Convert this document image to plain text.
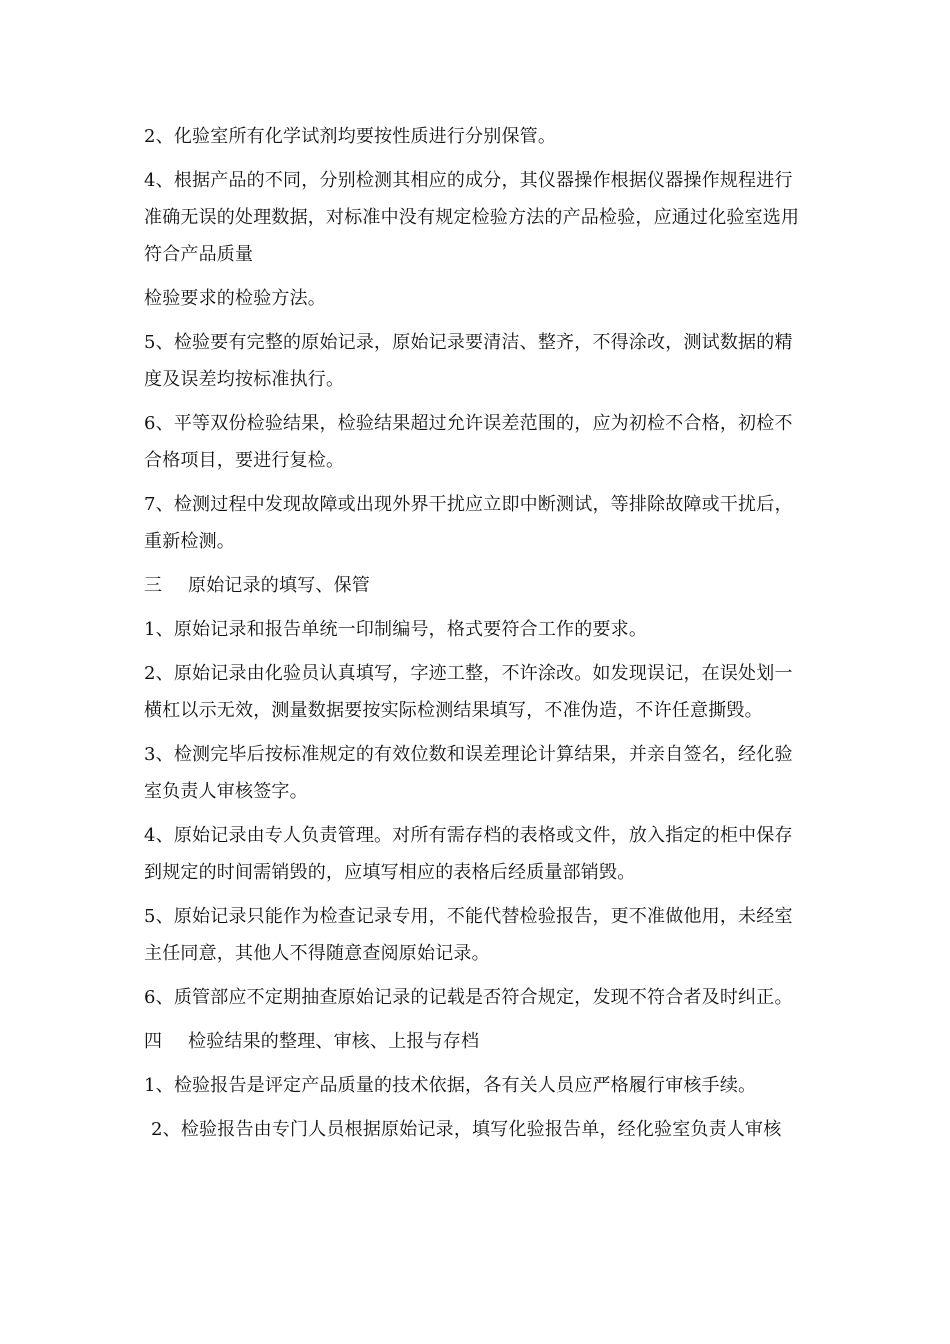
2、化验室所有化学试剂均要按性质进行分别保管。

4、根据产品的不同，分别检测其相应的成分，其仪器操作根据仪器操作规程进行准确无误的处理数据，对标准中没有规定检验方法的产品检验，应通过化验室选用符合产品质量

检验要求的检验方法。

5、检验要有完整的原始记录，原始记录要清洁、整齐，不得涂改，测试数据的精度及误差均按标准执行。

6、平等双份检验结果，检验结果超过允许误差范围的，应为初检不合格，初检不合格项目，要进行复检。

7、检测过程中发现故障或出现外界干扰应立即中断测试，等排除故障或干扰后，重新检测。

三	原始记录的填写、保管

1、原始记录和报告单统一印制编号，格式要符合工作的要求。

2、原始记录由化验员认真填写，字迹工整，不许涂改。如发现误记，在误处划一横杠以示无效，测量数据要按实际检测结果填写，不准伪造，不许任意撕毁。

3、检测完毕后按标准规定的有效位数和误差理论计算结果，并亲自签名，经化验室负责人审核签字。

4、原始记录由专人负责管理。对所有需存档的表格或文件，放入指定的柜中保存到规定的时间需销毁的，应填写相应的表格后经质量部销毁。

5、原始记录只能作为检查记录专用，不能代替检验报告，更不准做他用，未经室主任同意，其他人不得随意查阅原始记录。

6、质管部应不定期抽查原始记录的记载是否符合规定，发现不符合者及时纠正。

四	检验结果的整理、审核、上报与存档

1、检验报告是评定产品质量的技术依据，各有关人员应严格履行审核手续。

2、检验报告由专门人员根据原始记录，填写化验报告单，经化验室负责人审核
